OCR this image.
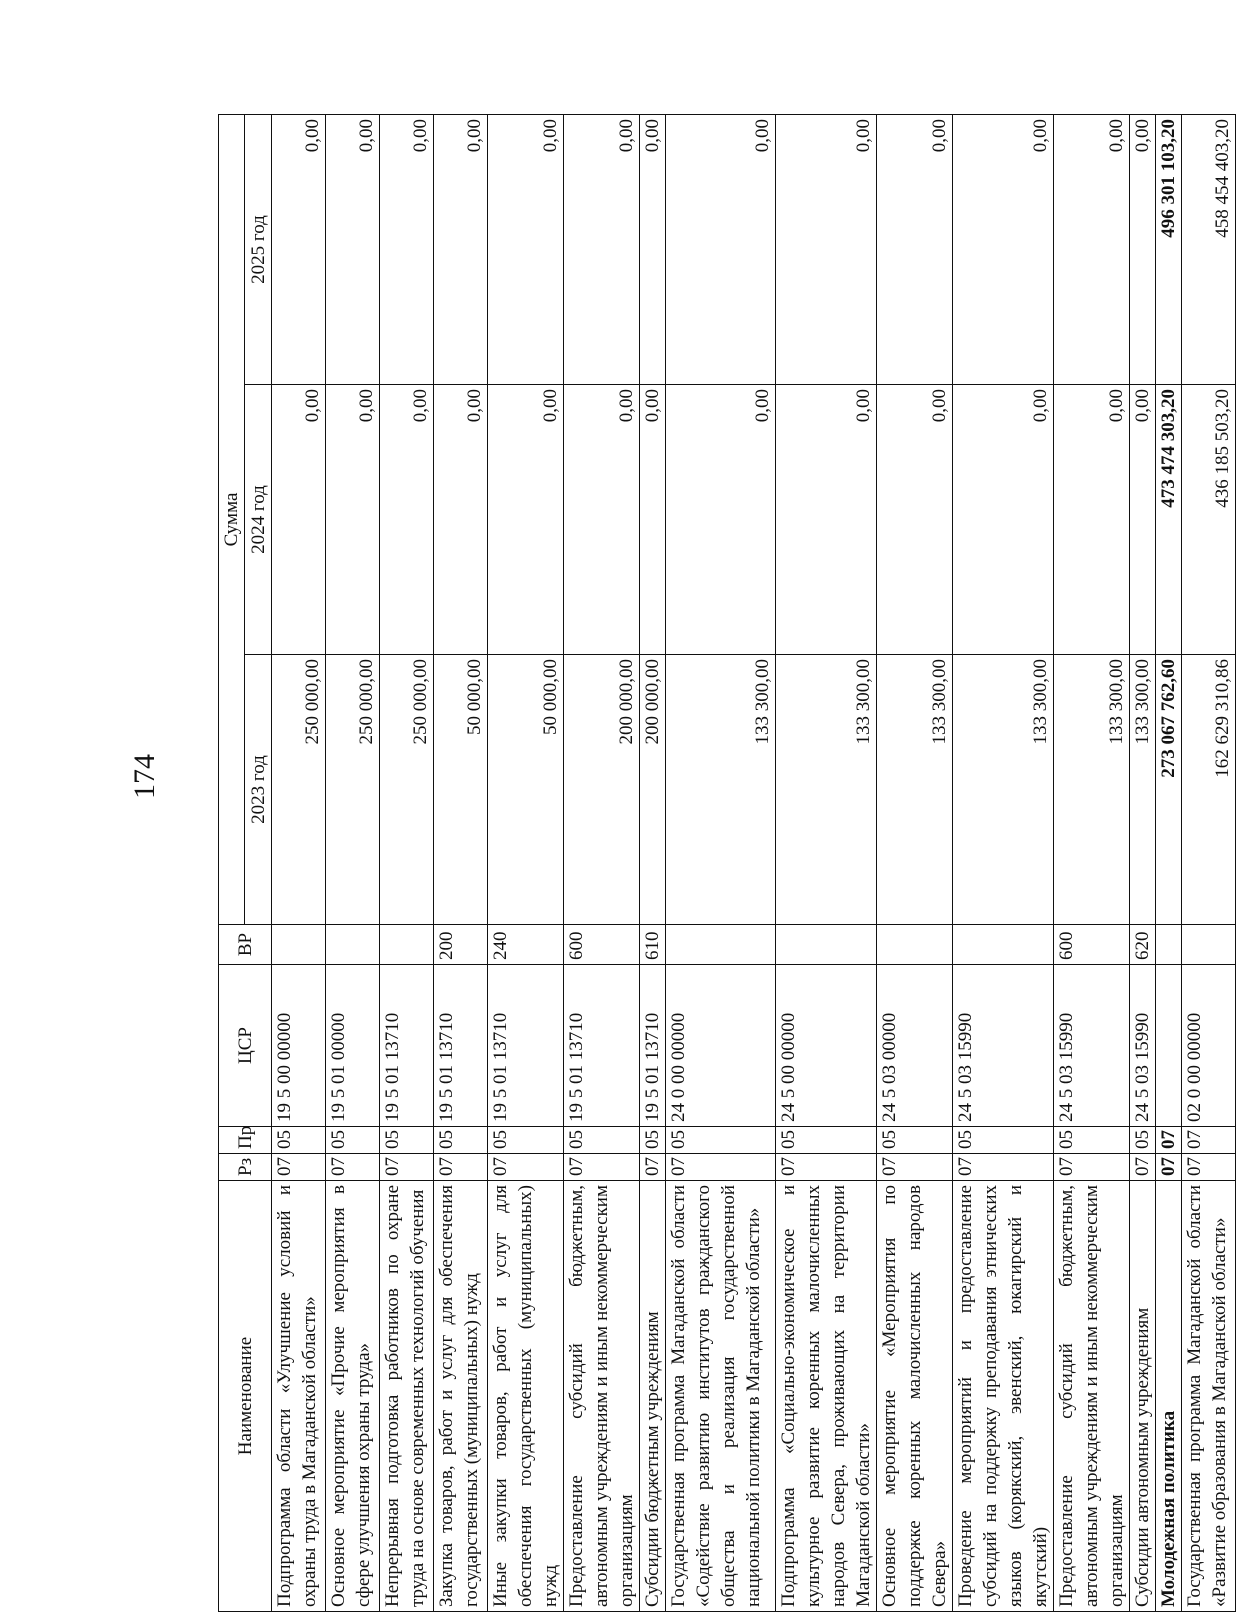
174
Наименование	Рз	Пр	ЦСР	ВР	Сумма		
					2023 год	2024 год	2025 год
Подпрограмма области «Улучшение условий и охраны труда в Магаданской области»	07	05	19 5 00 00000		250 000,00	0,00	0,00
Основное мероприятие «Прочие мероприятия в сфере улучшения охраны труда»	07	05	19 5 01 00000		250 000,00	0,00	0,00
Непрерывная подготовка работников по охране труда на основе современных технологий обучения	07	05	19 5 01 13710		250 000,00	0,00	0,00
Закупка товаров, работ и услуг для обеспечения государственных (муниципальных) нужд	07	05	19 5 01 13710	200	50 000,00	0,00	0,00
Иные закупки товаров, работ и услуг для обеспечения государственных (муниципальных) нужд	07	05	19 5 01 13710	240	50 000,00	0,00	0,00
Предоставление субсидий бюджетным, автономным учреждениям и иным некоммерческим организациям	07	05	19 5 01 13710	600	200 000,00	0,00	0,00
Субсидии бюджетным учреждениям	07	05	19 5 01 13710	610	200 000,00	0,00	0,00
Государственная программа Магаданской области «Содействие развитию институтов гражданского общества и реализация государственной национальной политики в Магаданской области»	07	05	24 0 00 00000		133 300,00	0,00	0,00
Подпрограмма «Социально-экономическое и культурное развитие коренных малочисленных народов Севера, проживающих на территории Магаданской области»	07	05	24 5 00 00000		133 300,00	0,00	0,00
Основное мероприятие «Мероприятия по поддержке коренных малочисленных народов Севера»	07	05	24 5 03 00000		133 300,00	0,00	0,00
Проведение мероприятий и предоставление субсидий на поддержку преподавания этнических языков (корякский, эвенский, юкагирский и якутский)	07	05	24 5 03 15990		133 300,00	0,00	0,00
Предоставление субсидий бюджетным, автономным учреждениям и иным некоммерческим организациям	07	05	24 5 03 15990	600	133 300,00	0,00	0,00
Субсидии автономным учреждениям	07	05	24 5 03 15990	620	133 300,00	0,00	0,00
Молодежная политика	07	07			273 067 762,60	473 474 303,20	496 301 103,20
Государственная программа Магаданской области «Развитие образования в Магаданской области»	07	07	02 0 00 00000		162 629 310,86	436 185 503,20	458 454 403,20
